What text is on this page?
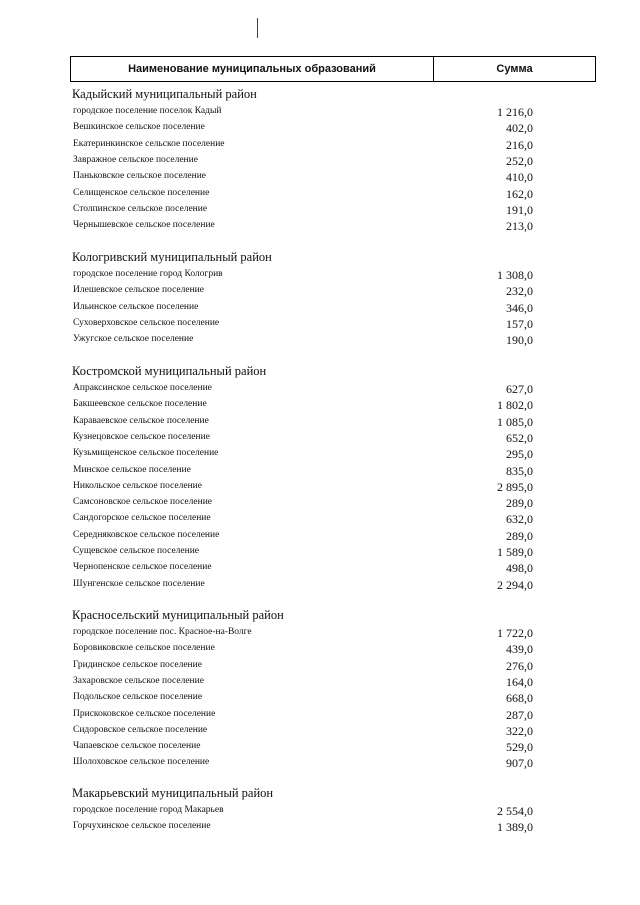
Наименование муниципальных образований	Сумма
Кадыйский муниципальный район
городское поселение поселок Кадый	1 216,0
Вешкинское сельское поселение	402,0
Екатеринкинское сельское поселение	216,0
Завражное сельское поселение	252,0
Паньковское сельское поселение	410,0
Селищенское сельское поселение	162,0
Столпинское сельское поселение	191,0
Чернышевское сельское поселение	213,0
Кологривский муниципальный район
городское поселение город Кологрив	1 308,0
Илешевское сельское поселение	232,0
Ильинское сельское поселение	346,0
Суховерховское сельское поселение	157,0
Ужугское сельское поселение	190,0
Костромской муниципальный район
Апраксинское сельское поселение	627,0
Бакшеевское сельское поселение	1 802,0
Караваевское сельское поселение	1 085,0
Кузнецовское сельское поселение	652,0
Кузьмищенское сельское поселение	295,0
Минское сельское поселение	835,0
Никольское сельское поселение	2 895,0
Самсоновское сельское поселение	289,0
Сандогорское сельское поселение	632,0
Середняковское сельское поселение	289,0
Сущевское сельское поселение	1 589,0
Чернопенское сельское поселение	498,0
Шунгенское сельское поселение	2 294,0
Красносельский муниципальный район
городское поселение пос. Красное-на-Волге	1 722,0
Боровиковское сельское поселение	439,0
Гридинское сельское поселение	276,0
Захаровское сельское поселение	164,0
Подольское сельское поселение	668,0
Прискоковское сельское поселение	287,0
Сидоровское сельское поселение	322,0
Чапаевское сельское поселение	529,0
Шолоховское сельское поселение	907,0
Макарьевский муниципальный район
городское поселение город Макарьев	2 554,0
Горчухинское сельское поселение	1 389,0
